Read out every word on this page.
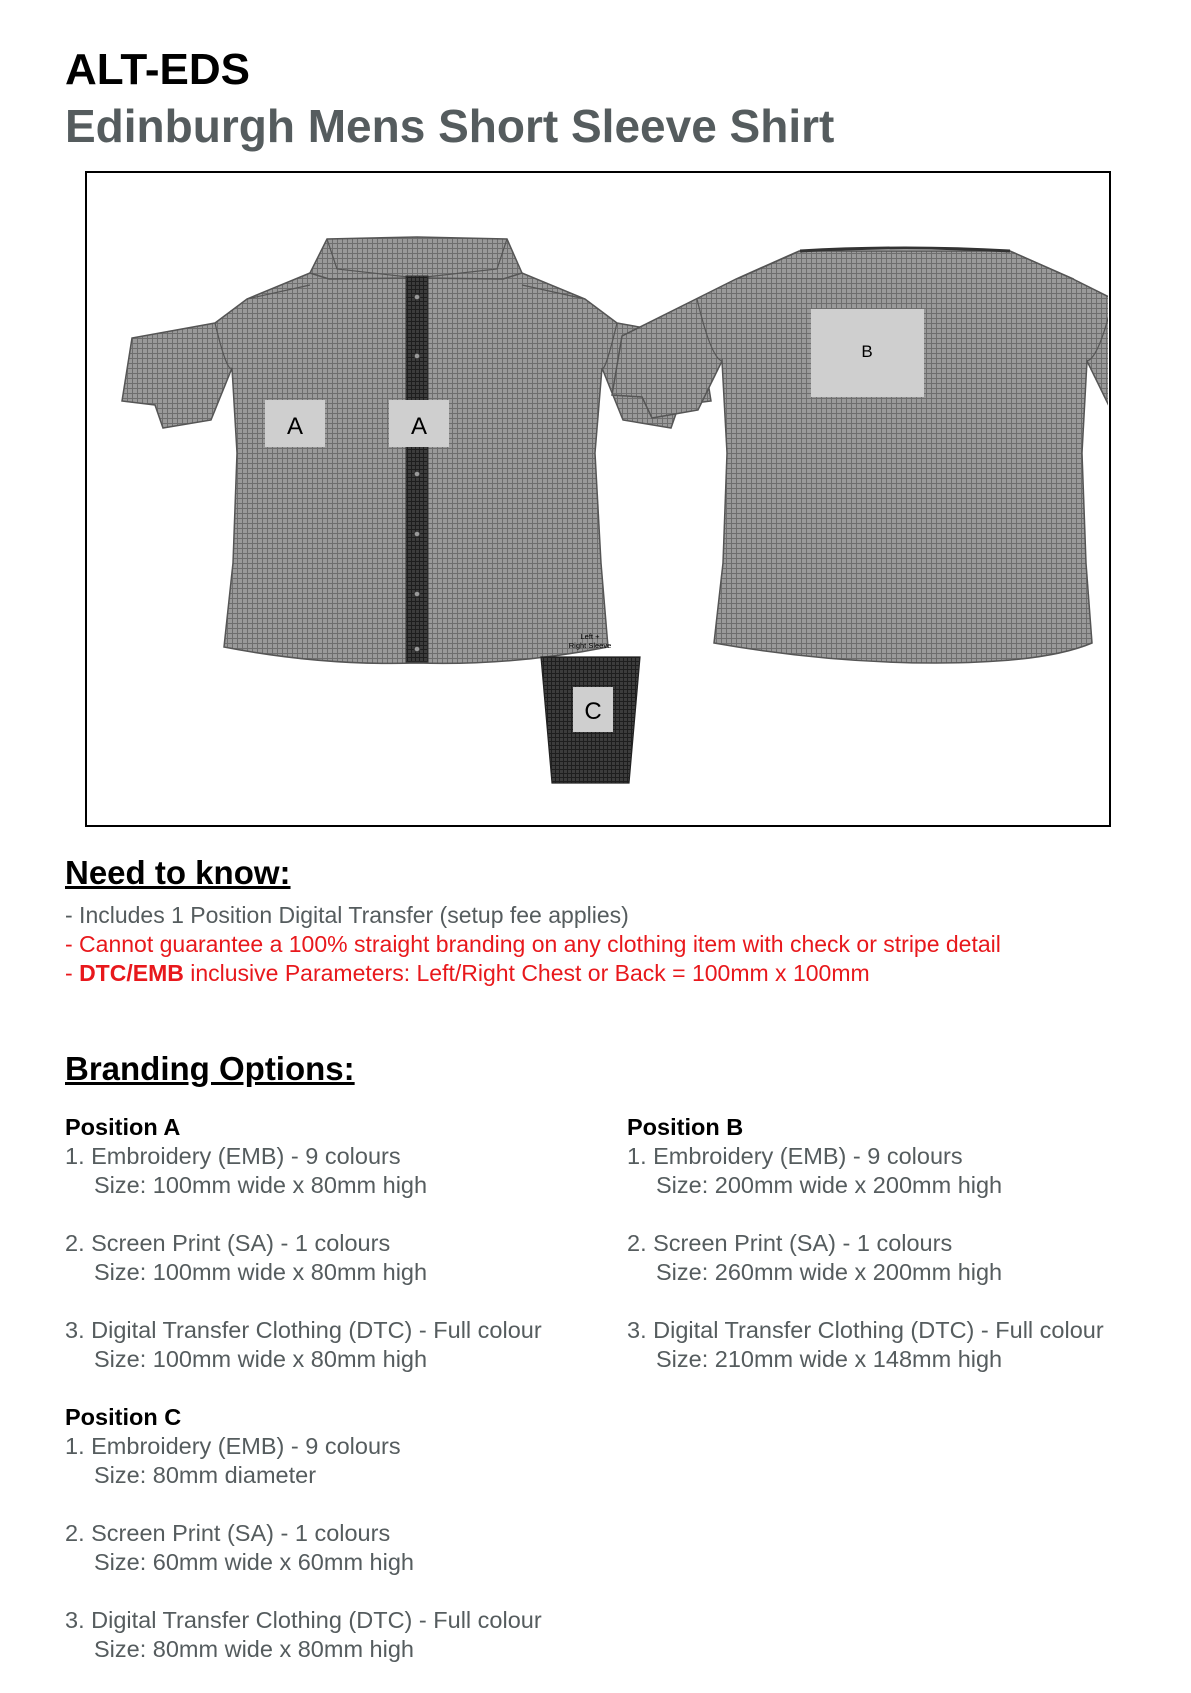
ALT-EDS
Edinburgh Mens Short Sleeve Shirt
A	A
B
Left +
Right Sleeve
C
Need to know:
- Includes 1 Position Digital Transfer (setup fee applies)
- Cannot guarantee a 100% straight branding on any clothing item with check or stripe detail
- DTC/EMB inclusive Parameters: Left/Right Chest or Back = 100mm x 100mm
Branding Options:
Position A
1. Embroidery (EMB) - 9 colours
Size: 100mm wide x 80mm high
2. Screen Print (SA) - 1 colours
Size: 100mm wide x 80mm high
3. Digital Transfer Clothing (DTC) - Full colour
Size: 100mm wide x 80mm high
Position B
1. Embroidery (EMB) - 9 colours
Size: 200mm wide x 200mm high
2. Screen Print (SA) - 1 colours
Size: 260mm wide x 200mm high
3. Digital Transfer Clothing (DTC) - Full colour
Size: 210mm wide x 148mm high
Position C
1. Embroidery (EMB) - 9 colours
Size: 80mm diameter
2. Screen Print (SA) - 1 colours
Size: 60mm wide x 60mm high
3. Digital Transfer Clothing (DTC) - Full colour
Size: 80mm wide x 80mm high
